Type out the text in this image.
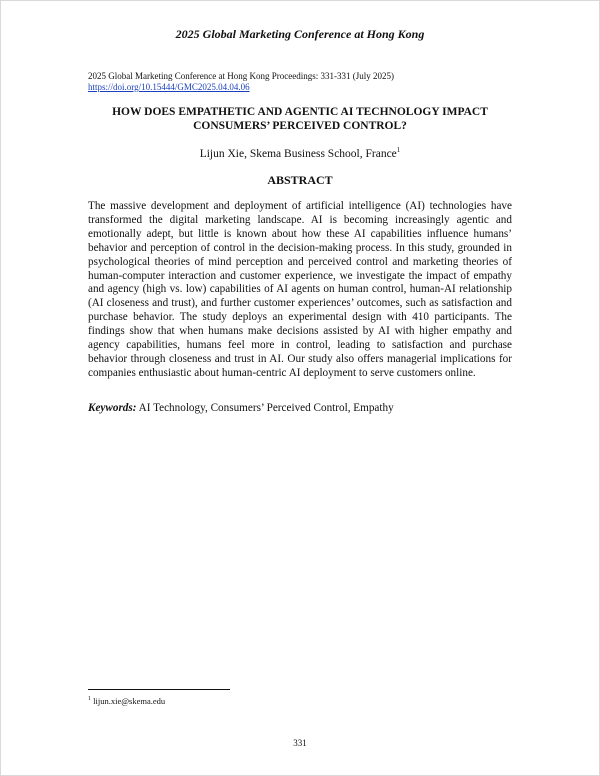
2025 Global Marketing Conference at Hong Kong
2025 Global Marketing Conference at Hong Kong Proceedings: 331-331 (July 2025)
https://doi.org/10.15444/GMC2025.04.04.06
HOW DOES EMPATHETIC AND AGENTIC AI TECHNOLOGY IMPACT
CONSUMERS’ PERCEIVED CONTROL?
Lijun Xie, Skema Business School, France$^1$
ABSTRACT
The massive development and deployment of artificial intelligence (AI) technologies have transformed the digital marketing landscape. AI is becoming increasingly agentic and emotionally adept, but little is known about how these AI capabilities influence humans’ behavior and perception of control in the decision-making process. In this study, grounded in psychological theories of mind perception and perceived control and marketing theories of human-computer interaction and customer experience, we investigate the impact of empathy and agency (high vs. low) capabilities of AI agents on human control, human-AI relationship (AI closeness and trust), and further customer experiences’ outcomes, such as satisfaction and purchase behavior. The study deploys an experimental design with 410 participants. The findings show that when humans make decisions assisted by AI with higher empathy and agency capabilities, humans feel more in control, leading to satisfaction and purchase behavior through closeness and trust in AI. Our study also offers managerial implications for companies enthusiastic about human-centric AI deployment to serve customers online.
Keywords: AI Technology, Consumers’ Perceived Control, Empathy
$^1$ lijun.xie@skema.edu
331
